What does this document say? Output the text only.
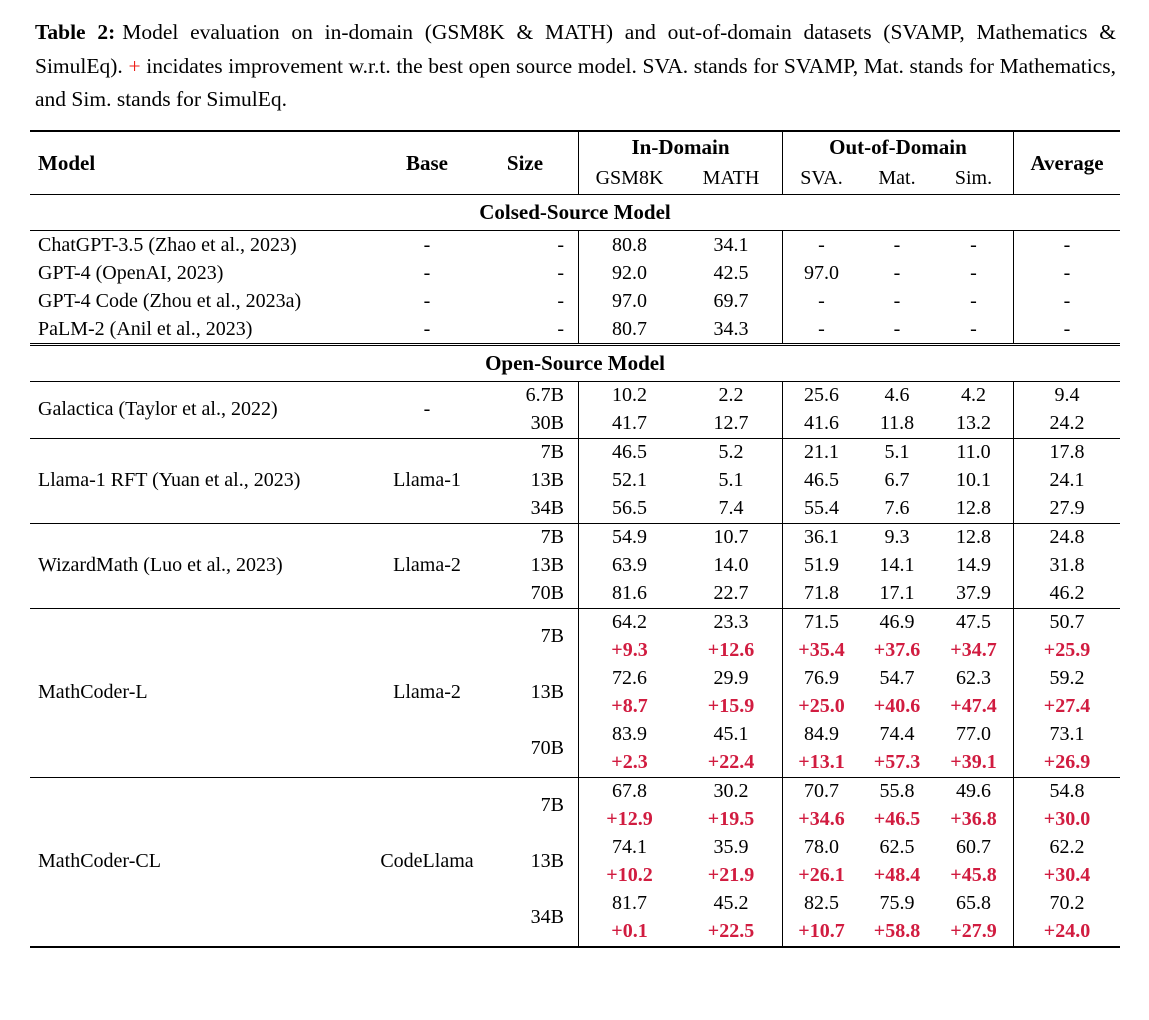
Table 2: Model evaluation on in-domain (GSM8K & MATH) and out-of-domain datasets (SVAMP, Mathematics & SimulEq). + incidates improvement w.r.t. the best open source model. SVA. stands for SVAMP, Mat. stands for Mathematics, and Sim. stands for SimulEq.

Model	Base	Size
In-Domain
GSM8K	MATH
Out-of-Domain
SVA.	Mat.	Sim.
Average
Colsed-Source Model
ChatGPT-3.5 (Zhao et al., 2023)	-	-	80.8	34.1	-	-	-	-
GPT-4 (OpenAI, 2023)	-	-	92.0	42.5	97.0	-	-	-
GPT-4 Code (Zhou et al., 2023a)	-	-	97.0	69.7	-	-	-	-
PaLM-2 (Anil et al., 2023)	-	-	80.7	34.3	-	-	-	-
Open-Source Model
Galactica (Taylor et al., 2022)	-
6.7B	10.2	2.2	25.6	4.6	4.2	9.4
30B	41.7	12.7	41.6	11.8	13.2	24.2
Llama-1 RFT (Yuan et al., 2023)	Llama-1
7B	46.5	5.2	21.1	5.1	11.0	17.8
13B	52.1	5.1	46.5	6.7	10.1	24.1
34B	56.5	7.4	55.4	7.6	12.8	27.9
WizardMath (Luo et al., 2023)	Llama-2
7B	54.9	10.7	36.1	9.3	12.8	24.8
13B	63.9	14.0	51.9	14.1	14.9	31.8
70B	81.6	22.7	71.8	17.1	37.9	46.2
MathCoder-L	Llama-2
7B
64.2	23.3	71.5	46.9	47.5	50.7
+9.3	+12.6	+35.4	+37.6	+34.7	+25.9
13B
72.6	29.9	76.9	54.7	62.3	59.2
+8.7	+15.9	+25.0	+40.6	+47.4	+27.4
70B
83.9	45.1	84.9	74.4	77.0	73.1
+2.3	+22.4	+13.1	+57.3	+39.1	+26.9
MathCoder-CL	CodeLlama
7B
67.8	30.2	70.7	55.8	49.6	54.8
+12.9	+19.5	+34.6	+46.5	+36.8	+30.0
13B
74.1	35.9	78.0	62.5	60.7	62.2
+10.2	+21.9	+26.1	+48.4	+45.8	+30.4
34B
81.7	45.2	82.5	75.9	65.8	70.2
+0.1	+22.5	+10.7	+58.8	+27.9	+24.0
